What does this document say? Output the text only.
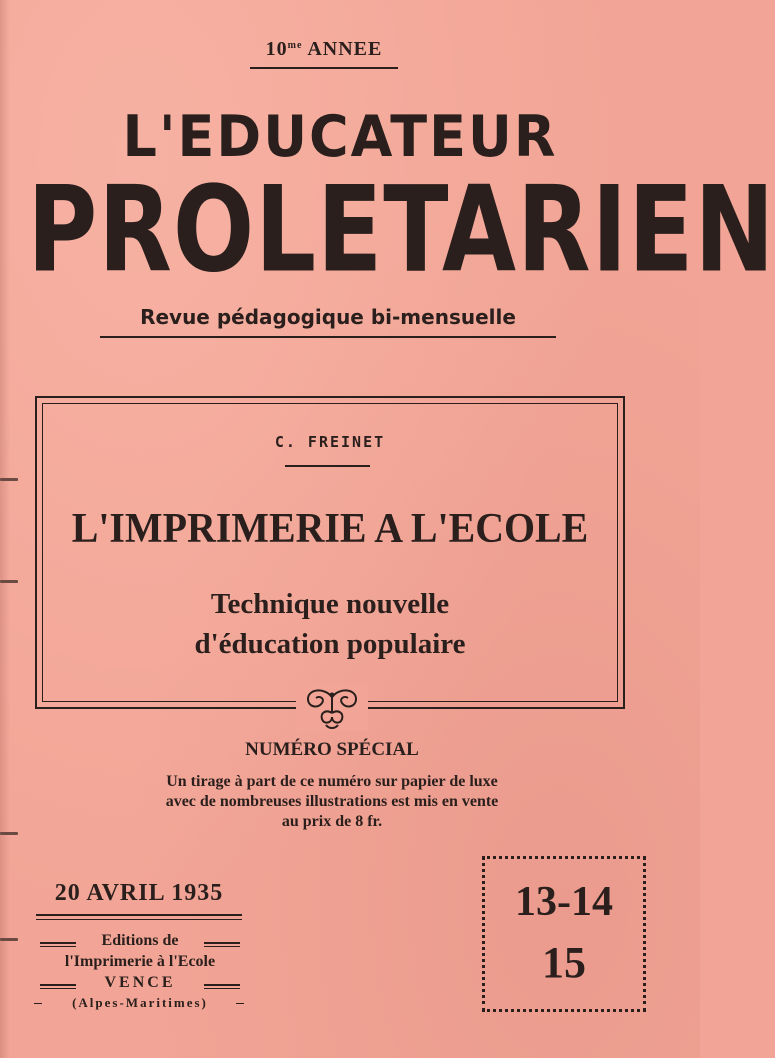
$10^{me}$ ANNEE
L'EDUCATEUR
PROLETARIEN
Revue pédagogique bi-mensuelle
C. FREINET
L'IMPRIMERIE A L'ECOLE
Technique nouvelle
d'éducation populaire
NUMÉRO SPÉCIAL
Un tirage à part de ce numéro sur papier de luxe
avec de nombreuses illustrations est mis en vente
au prix de 8 fr.
20 AVRIL 1935
Editions de
l'Imprimerie à l'Ecole
VENCE
(Alpes-Maritimes)
13-14
15
